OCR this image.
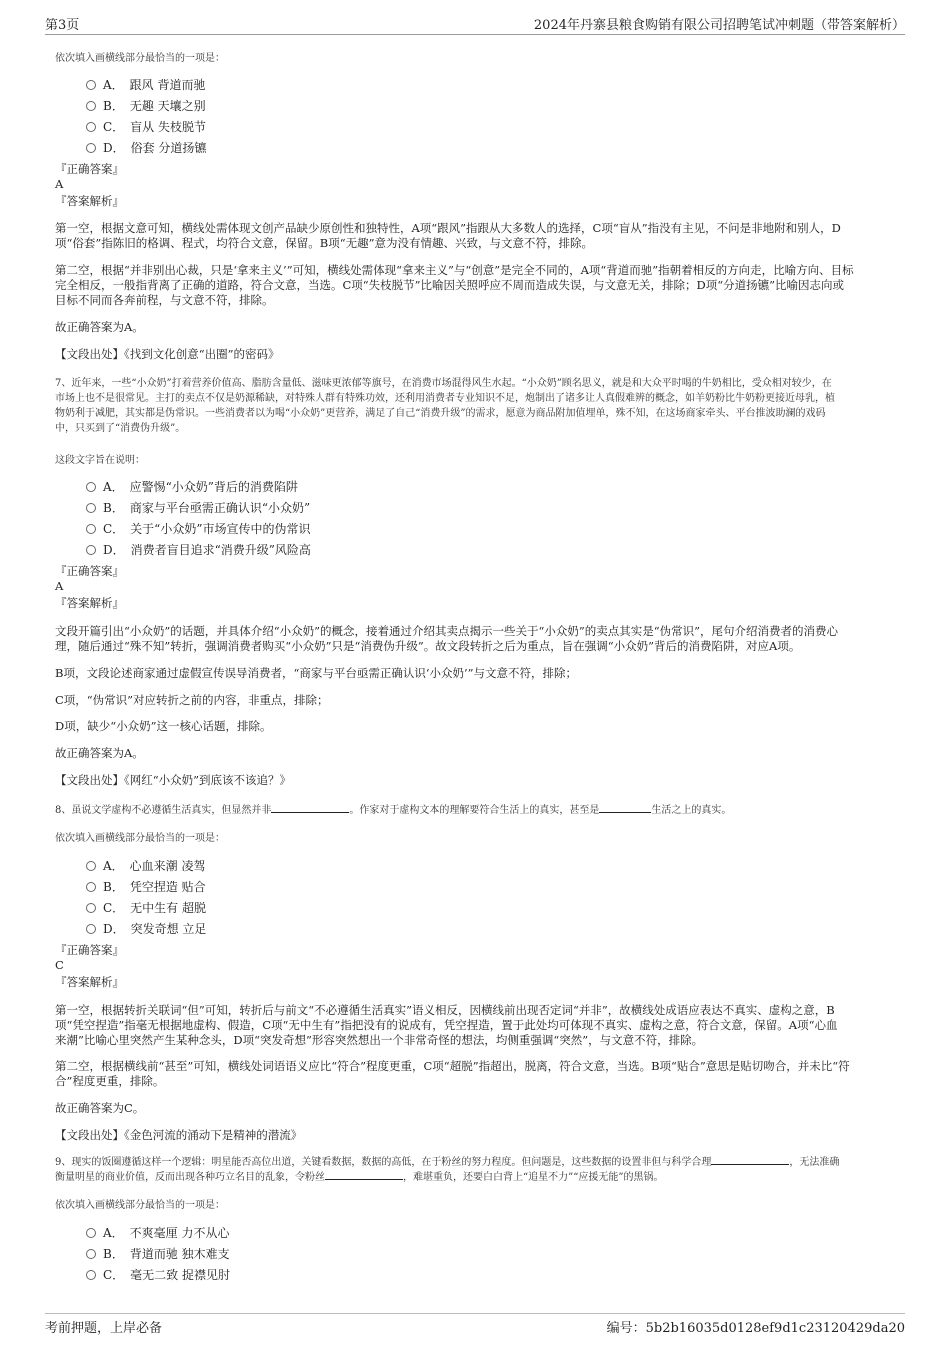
第3页	2024年丹寨县粮食购销有限公司招聘笔试冲刺题（带答案解析）
依次填入画横线部分最恰当的一项是：
A．　跟风 背道而驰
B．　无趣 天壤之别
C．　盲从 失枝脱节
D．　俗套 分道扬镳
『正确答案』
A
『答案解析』
第一空，根据文意可知，横线处需体现文创产品缺少原创性和独特性，A项“跟风”指跟从大多数人的选择，C项“盲从”指没有主见，不问是非地附和别人，D
项“俗套”指陈旧的格调、程式，均符合文意，保留。B项“无趣”意为没有情趣、兴致，与文意不符，排除。
第二空，根据“并非别出心裁，只是‘拿来主义’”可知，横线处需体现“拿来主义”与“创意”是完全不同的，A项“背道而驰”指朝着相反的方向走，比喻方向、目标
完全相反，一般指背离了正确的道路，符合文意，当选。C项“失枝脱节”比喻因关照呼应不周而造成失误，与文意无关，排除；D项“分道扬镳”比喻因志向或
目标不同而各奔前程，与文意不符，排除。
故正确答案为A。
【文段出处】《找到文化创意“出圈”的密码》
7、近年来，一些“小众奶”打着营养价值高、脂肪含量低、滋味更浓郁等旗号，在消费市场混得风生水起。“小众奶”顾名思义，就是和大众平时喝的牛奶相比，受众相对较少，在
市场上也不是很常见。主打的卖点不仅是奶源稀缺，对特殊人群有特殊功效，还利用消费者专业知识不足，炮制出了诸多让人真假难辨的概念，如羊奶粉比牛奶粉更接近母乳，植
物奶利于减肥，其实都是伪常识。一些消费者以为喝“小众奶”更营养，满足了自己“消费升级”的需求，愿意为商品附加值埋单，殊不知，在这场商家牵头、平台推波助澜的戏码
中，只买到了“消费伪升级”。
这段文字旨在说明：
A．　应警惕“小众奶”背后的消费陷阱
B．　商家与平台亟需正确认识“小众奶”
C．　关于“小众奶”市场宣传中的伪常识
D．　消费者盲目追求“消费升级”风险高
『正确答案』
A
『答案解析』
文段开篇引出“小众奶”的话题，并具体介绍“小众奶”的概念，接着通过介绍其卖点揭示一些关于“小众奶”的卖点其实是“伪常识”，尾句介绍消费者的消费心
理，随后通过“殊不知”转折，强调消费者购买“小众奶”只是“消费伪升级”。故文段转折之后为重点，旨在强调“小众奶”背后的消费陷阱，对应A项。
B项，文段论述商家通过虚假宣传误导消费者，“商家与平台亟需正确认识‘小众奶’”与文意不符，排除；
C项，“伪常识”对应转折之前的内容，非重点，排除；
D项，缺少“小众奶”这一核心话题，排除。
故正确答案为A。
【文段出处】《网红“小众奶”到底该不该追？》
8、虽说文学虚构不必遵循生活真实，但显然并非	。作家对于虚构文本的理解要符合生活上的真实，甚至是	生活之上的真实。
依次填入画横线部分最恰当的一项是：
A．　心血来潮 凌驾
B．　凭空捏造 贴合
C．　无中生有 超脱
D．　突发奇想 立足
『正确答案』
C
『答案解析』
第一空，根据转折关联词“但”可知，转折后与前文“不必遵循生活真实”语义相反，因横线前出现否定词“并非”，故横线处成语应表达不真实、虚构之意，B
项“凭空捏造”指毫无根据地虚构、假造，C项“无中生有”指把没有的说成有，凭空捏造，置于此处均可体现不真实、虚构之意，符合文意，保留。A项“心血
来潮”比喻心里突然产生某种念头，D项“突发奇想”形容突然想出一个非常奇怪的想法，均侧重强调“突然”，与文意不符，排除。
第二空，根据横线前“甚至”可知，横线处词语语义应比“符合”程度更重，C项“超脱”指超出，脱离，符合文意，当选。B项“贴合”意思是贴切吻合，并未比“符
合”程度更重，排除。
故正确答案为C。
【文段出处】《金色河流的涌动下是精神的潜流》
9、现实的饭圈遵循这样一个逻辑：明星能否高位出道，关键看数据，数据的高低，在于粉丝的努力程度。但问题是，这些数据的设置非但与科学合理	，无法准确
衡量明星的商业价值，反而出现各种巧立名目的乱象，令粉丝	，难堪重负，还要白白背上“追星不力”“应援无能”的黑锅。
依次填入画横线部分最恰当的一项是：
A．　不爽毫厘 力不从心
B．　背道而驰 独木难支
C．　毫无二致 捉襟见肘
考前押题，上岸必备	编号：5b2b16035d0128ef9d1c23120429da20
